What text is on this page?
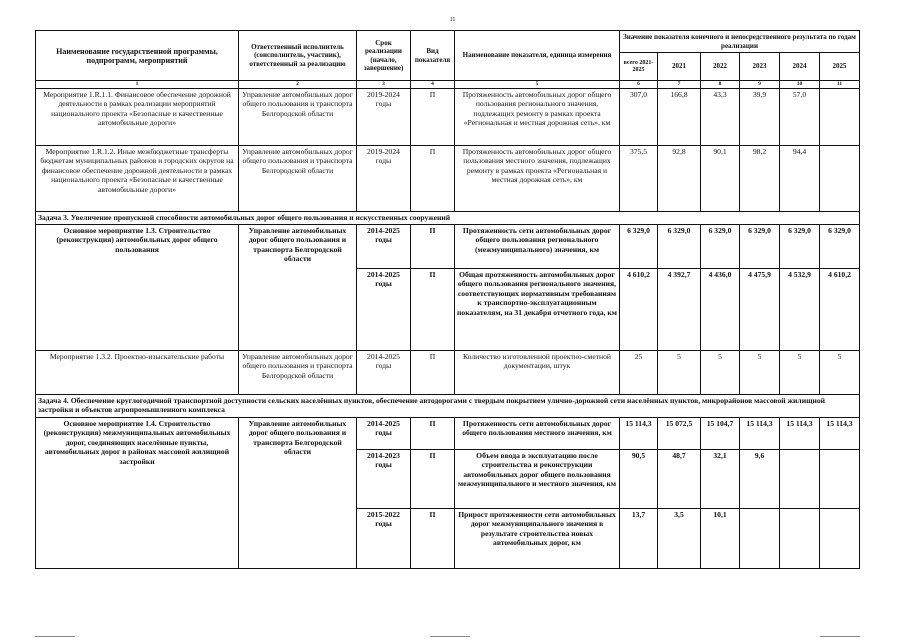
11
Наименование государственной программы, подпрограмм, мероприятий	Ответственный исполнитель (соисполнитель, участник), ответственный за реализацию	Срок реализации (начало, завершение)	Вид показателя	Наименование показателя, единица измерения	Значение показателя конечного и непосредственного результата по годам реализации					
					всего 2021-2025	2021	2022	2023	2024	2025
1	2	3	4	5	6	7	8	9	10	11
Мероприятие 1.R.1.1. Финансовое обеспечение дорожной деятельности в рамках реализации мероприятий национального проекта «Безопасные и качественные автомобильные дороги»	Управление автомобильных дорог общего пользования и транспорта Белгородской области	2019-2024 годы	П	Протяженность автомобильных дорог общего пользования регионального значения, подлежащих ремонту в рамках проекта «Региональная и местная дорожная сеть», км	307,0	166,8	43,3	39,9	57,0	
Мероприятие 1.R.1.2. Иные межбюджетные трансферты бюджетам муниципальных районов и городских округов на финансовое обеспечение дорожной деятельности в рамках национального проекта «Безопасные и качественные автомобильные дороги»	Управление автомобильных дорог общего пользования и транспорта Белгородской области	2019-2024 годы	П	Протяженность автомобильных дорог общего пользования местного значения, подлежащих ремонту в рамках проекта «Региональная и местная дорожная сеть», км	375,5	92,8	90,1	98,2	94,4	
Задача 3. Увеличение пропускной способности автомобильных дорог общего пользования и искусственных сооружений										
Основное мероприятие 1.3. Строительство (реконструкция) автомобильных дорог общего пользования	Управление автомобильных дорог общего пользования и транспорта Белгородской области	2014-2025 годы	П	Протяженность сети автомобильных дорог общего пользования регионального (межмуниципального) значения, км	6 329,0	6 329,0	6 329,0	6 329,0	6 329,0	6 329,0
		2014-2025 годы	П	Общая протяженность автомобильных дорог общего пользования регионального значения, соответствующих нормативным требованиям к транспортно-эксплуатационным показателям, на 31 декабря отчетного года, км	4 610,2	4 392,7	4 436,0	4 475,9	4 532,9	4 610,2
Мероприятие 1.3.2. Проектно-изыскательские работы	Управление автомобильных дорог общего пользования и транспорта Белгородской области	2014-2025 годы	П	Количество изготовленной проектно-сметной документации, штук	25	5	5	5	5	5
Задача 4. Обеспечение круглогодичной транспортной доступности сельских населённых пунктов, обеспечение автодорогами с твердым покрытием улично-дорожной сети населённых пунктов, микрорайонов массовой жилищной застройки и объектов агропромышленного комплекса										
Основное мероприятие 1.4. Строительство (реконструкция) межмуниципальных автомобильных дорог, соединяющих населённые пункты, автомобильных дорог в районах массовой жилищной застройки	Управление автомобильных дорог общего пользования и транспорта Белгородской области	2014-2025 годы	П	Протяженность сети автомобильных дорог общего пользования местного значения, км	15 114,3	15 072,5	15 104,7	15 114,3	15 114,3	15 114,3
		2014-2023 годы	П	Объем ввода в эксплуатацию после строительства и реконструкции автомобильных дорог общего пользования межмуниципального и местного значения, км	90,5	48,7	32,1	9,6		
		2015-2022 годы	П	Прирост протяженности сети автомобильных дорог межмуниципального значения в результате строительства новых автомобильных дорог, км	13,7	3,5	10,1			
